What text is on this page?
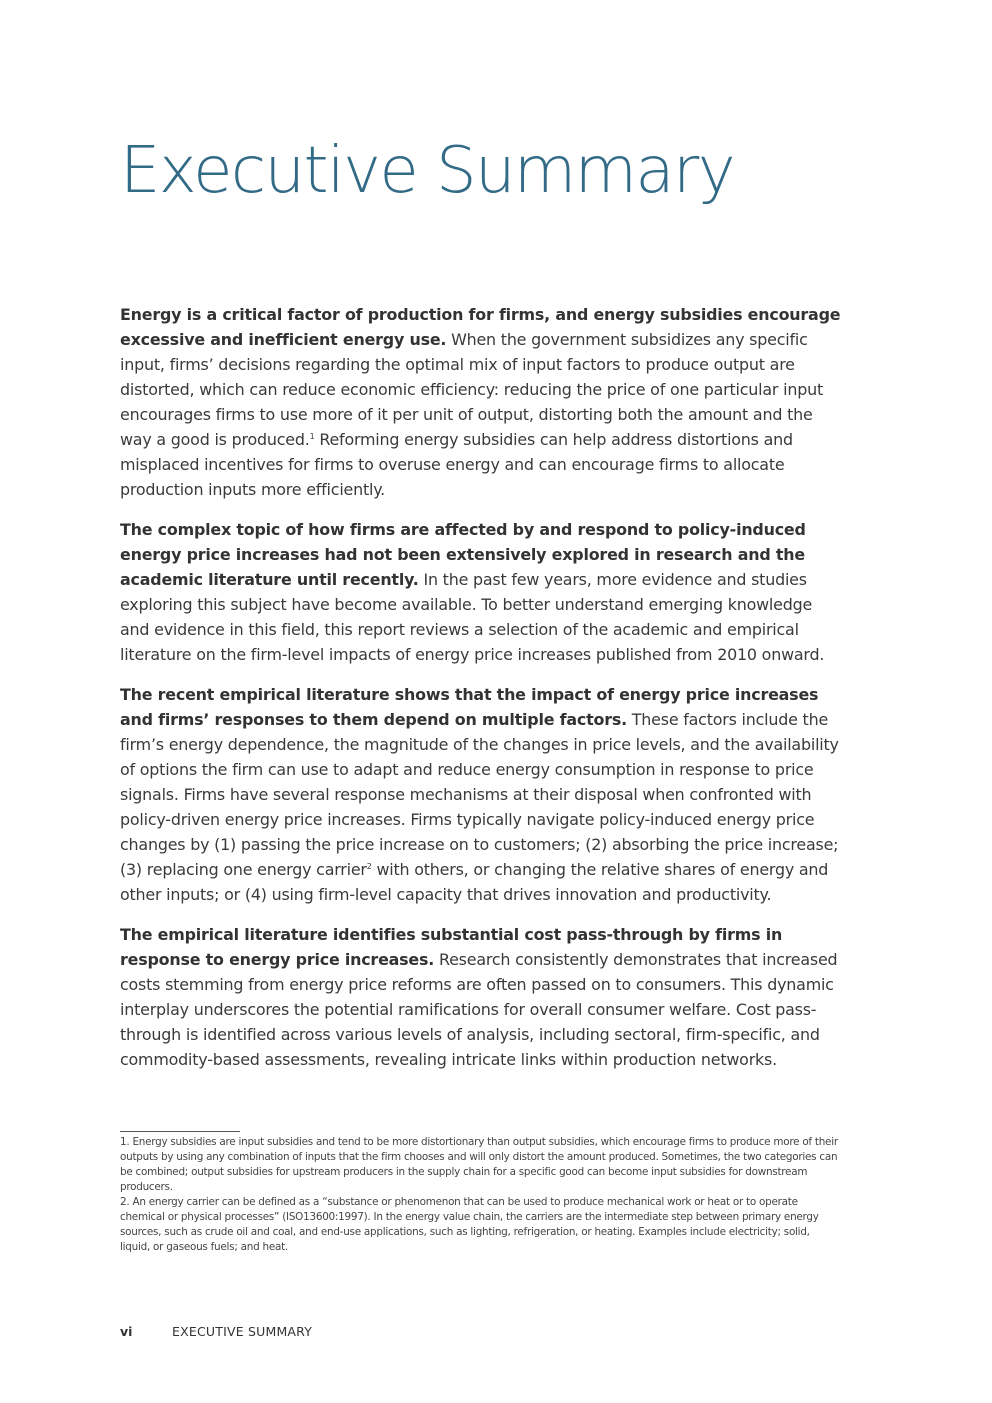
Executive Summary

Energy is a critical factor of production for firms, and energy subsidies encourage excessive and inefficient energy use. When the government subsidizes any specific input, firms’ decisions regarding the optimal mix of input factors to produce output are distorted, which can reduce economic efficiency: reducing the price of one particular input encourages firms to use more of it per unit of output, distorting both the amount and the way a good is produced.$^1$ Reforming energy subsidies can help address distortions and misplaced incentives for firms to overuse energy and can encourage firms to allocate production inputs more efficiently.

The complex topic of how firms are affected by and respond to policy-induced energy price increases had not been extensively explored in research and the academic literature until recently. In the past few years, more evidence and studies exploring this subject have become available. To better understand emerging knowledge and evidence in this field, this report reviews a selection of the academic and empirical literature on the firm-level impacts of energy price increases published from 2010 onward.

The recent empirical literature shows that the impact of energy price increases and firms’ responses to them depend on multiple factors. These factors include the firm’s energy dependence, the magnitude of the changes in price levels, and the availability of options the firm can use to adapt and reduce energy consumption in response to price signals. Firms have several response mechanisms at their disposal when confronted with policy-driven energy price increases. Firms typically navigate policy-induced energy price changes by (1) passing the price increase on to customers; (2) absorbing the price increase; (3) replacing one energy carrier$^2$ with others, or changing the relative shares of energy and other inputs; or (4) using firm-level capacity that drives innovation and productivity.

The empirical literature identifies substantial cost pass-through by firms in response to energy price increases. Research consistently demonstrates that increased costs stemming from energy price reforms are often passed on to consumers. This dynamic interplay underscores the potential ramifications for overall consumer welfare. Cost pass-through is identified across various levels of analysis, including sectoral, firm-specific, and commodity-based assessments, revealing intricate links within production networks.

1. Energy subsidies are input subsidies and tend to be more distortionary than output subsidies, which encourage firms to produce more of their outputs by using any combination of inputs that the firm chooses and will only distort the amount produced. Sometimes, the two categories can be combined; output subsidies for upstream producers in the supply chain for a specific good can become input subsidies for downstream producers.

2. An energy carrier can be defined as a “substance or phenomenon that can be used to produce mechanical work or heat or to operate chemical or physical processes” (ISO13600:1997). In the energy value chain, the carriers are the intermediate step between primary energy sources, such as crude oil and coal, and end-use applications, such as lighting, refrigeration, or heating. Examples include electricity; solid, liquid, or gaseous fuels; and heat.

vi	EXECUTIVE SUMMARY
